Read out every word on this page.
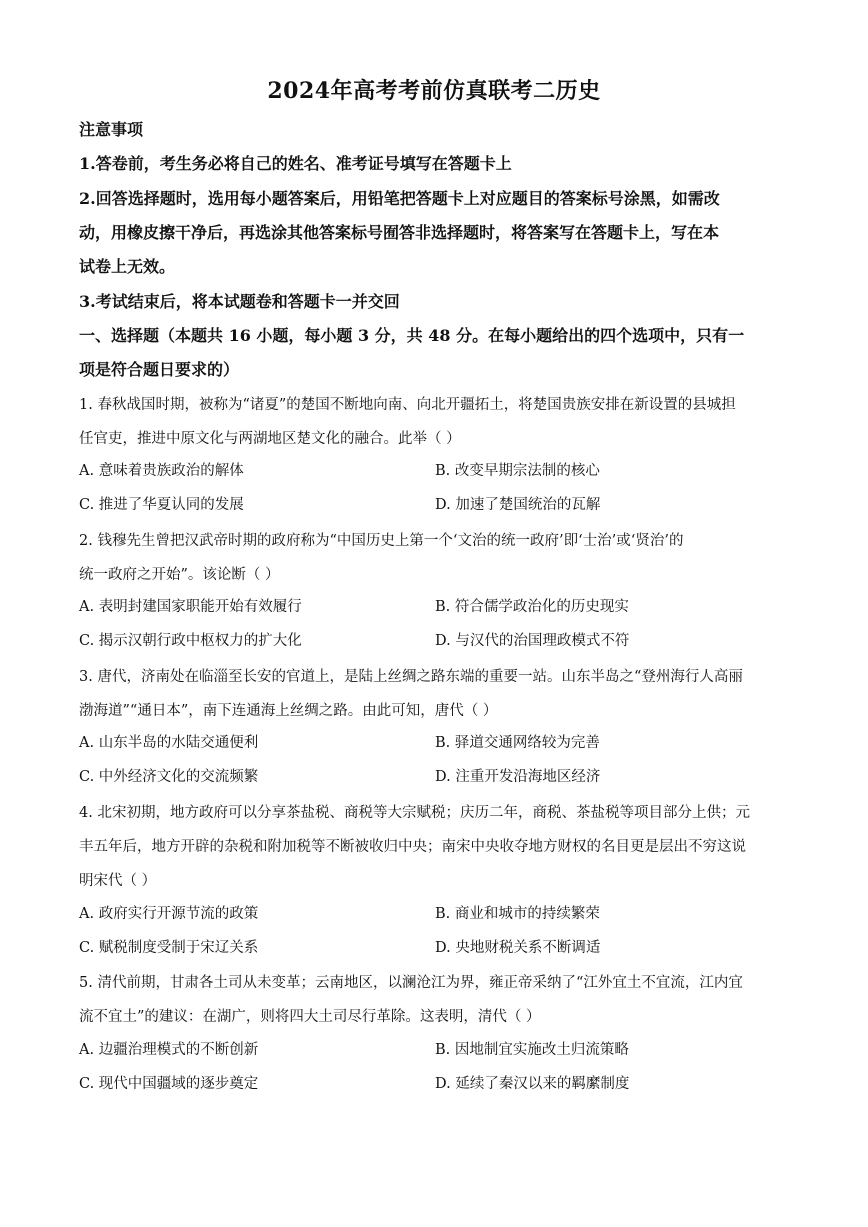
2024年高考考前仿真联考二历史
注意事项
1.答卷前，考生务必将自己的姓名、准考证号填写在答题卡上
2.回答选择题时，选用每小题答案后，用铅笔把答题卡上对应题目的答案标号涂黑，如需改
动，用橡皮擦干净后，再选涂其他答案标号囿答非选择题时，将答案写在答题卡上，写在本
试卷上无效。
3.考试结束后，将本试题卷和答题卡一并交回
一、选择题（本题共 16 小题，每小题 3 分，共 48 分。在每小题给出的四个选项中，只有一
项是符合题日要求的）
1. 春秋战国时期，被称为“诸夏”的楚国不断地向南、向北开疆拓土，将楚国贵族安排在新设置的县城担
任官吏，推进中原文化与两湖地区楚文化的融合。此举（ ）
A. 意味着贵族政治的解体	B. 改变早期宗法制的核心
C. 推进了华夏认同的发展	D. 加速了楚国统治的瓦解
2. 钱穆先生曾把汉武帝时期的政府称为“中国历史上第一个‘文治的统一政府’即‘士治’或‘贤治’的
统一政府之开始”。该论断（ ）
A. 表明封建国家职能开始有效履行	B. 符合儒学政治化的历史现实
C. 揭示汉朝行政中枢权力的扩大化	D. 与汉代的治国理政模式不符
3. 唐代，济南处在临淄至长安的官道上，是陆上丝绸之路东端的重要一站。山东半岛之“登州海行人高丽
渤海道”“通日本”，南下连通海上丝绸之路。由此可知，唐代（ ）
A. 山东半岛的水陆交通便利	B. 驿道交通网络较为完善
C. 中外经济文化的交流频繁	D. 注重开发沿海地区经济
4. 北宋初期，地方政府可以分享茶盐税、商税等大宗赋税；庆历二年，商税、茶盐税等项目部分上供；元
丰五年后，地方开辟的杂税和附加税等不断被收归中央；南宋中央收夺地方财权的名目更是层出不穷这说
明宋代（ ）
A. 政府实行开源节流的政策	B. 商业和城市的持续繁荣
C. 赋税制度受制于宋辽关系	D. 央地财税关系不断调适
5. 清代前期，甘肃各土司从未变革；云南地区，以澜沧江为界，雍正帝采纳了“江外宜土不宜流，江内宜
流不宜土”的建议：在湖广，则将四大土司尽行革除。这表明，清代（ ）
A. 边疆治理模式的不断创新	B. 因地制宜实施改土归流策略
C. 现代中国疆域的逐步奠定	D. 延续了秦汉以来的羁縻制度
